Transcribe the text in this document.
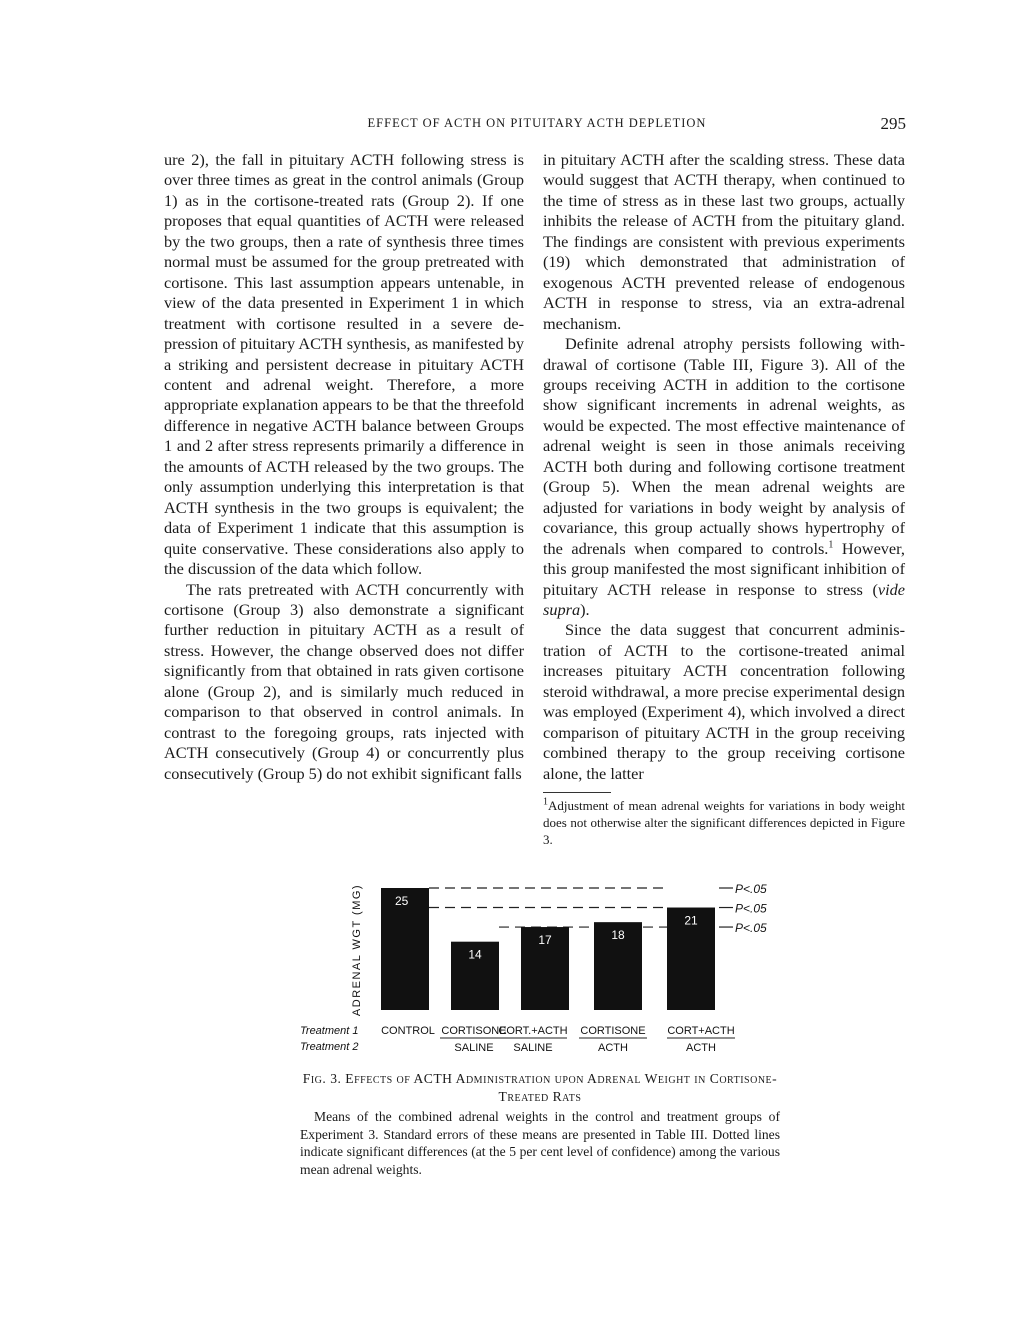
EFFECT OF ACTH ON PITUITARY ACTH DEPLETION	295

ure 2), the fall in pituitary ACTH following stress is over three times as great in the control animals (Group 1) as in the cortisone-treated rats (Group 2). If one proposes that equal quantities of ACTH were released by the two groups, then a rate of synthesis three times normal must be assumed for the group pretreated with cortisone. This last assumption appears untenable, in view of the data presented in Experiment 1 in which treatment with cortisone resulted in a severe depression of pituitary ACTH synthesis, as manifested by a striking and persistent decrease in pituitary ACTH content and adrenal weight. Therefore, a more appropriate explanation appears to be that the threefold difference in negative ACTH balance between Groups 1 and 2 after stress represents primarily a difference in the amounts of ACTH released by the two groups. The only assumption underlying this interpretation is that ACTH synthesis in the two groups is equivalent; the data of Experiment 1 indicate that this assumption is quite conservative. These considerations also apply to the discussion of the data which follow.

The rats pretreated with ACTH concurrently with cortisone (Group 3) also demonstrate a significant further reduction in pituitary ACTH as a result of stress. However, the change observed does not differ significantly from that obtained in rats given cortisone alone (Group 2), and is similarly much reduced in comparison to that observed in control animals. In contrast to the foregoing groups, rats injected with ACTH consecutively (Group 4) or concurrently plus consecutively (Group 5) do not exhibit significant falls

in pituitary ACTH after the scalding stress. These data would suggest that ACTH therapy, when continued to the time of stress as in these last two groups, actually inhibits the release of ACTH from the pituitary gland. The findings are consistent with previous experiments (19) which demonstrated that administration of exogenous ACTH prevented release of endogenous ACTH in response to stress, via an extra-adrenal mechanism.

Definite adrenal atrophy persists following withdrawal of cortisone (Table III, Figure 3). All of the groups receiving ACTH in addition to the cortisone show significant increments in adrenal weights, as would be expected. The most effective maintenance of adrenal weight is seen in those animals receiving ACTH both during and following cortisone treatment (Group 5). When the mean adrenal weights are adjusted for variations in body weight by analysis of covariance, this group actually shows hypertrophy of the adrenals when compared to controls.$^1$ However, this group manifested the most significant inhibition of pituitary ACTH release in response to stress (vide supra).

Since the data suggest that concurrent administration of ACTH to the cortisone-treated animal increases pituitary ACTH concentration following steroid withdrawal, a more precise experimental design was employed (Experiment 4), which involved a direct comparison of pituitary ACTH in the group receiving combined therapy to the group receiving cortisone alone, the latter

$^1$Adjustment of mean adrenal weights for variations in body weight does not otherwise alter the significant differences depicted in Figure 3.

ADRENAL WGT (MG)	P<.05
P<.05
P<.05
25
14
17	18
21
Treatment 1
Treatment 2
CONTROL CORTISONE
SALINE
CORT.+ACTH
SALINE
CORTISONE
ACTH
CORT+ACTH
ACTH

Fig. 3. Effects of ACTH Administration upon Adrenal Weight in Cortisone-Treated Rats

Means of the combined adrenal weights in the control and treatment groups of Experiment 3. Standard errors of these means are presented in Table III. Dotted lines indicate significant differences (at the 5 per cent level of confidence) among the various mean adrenal weights.
